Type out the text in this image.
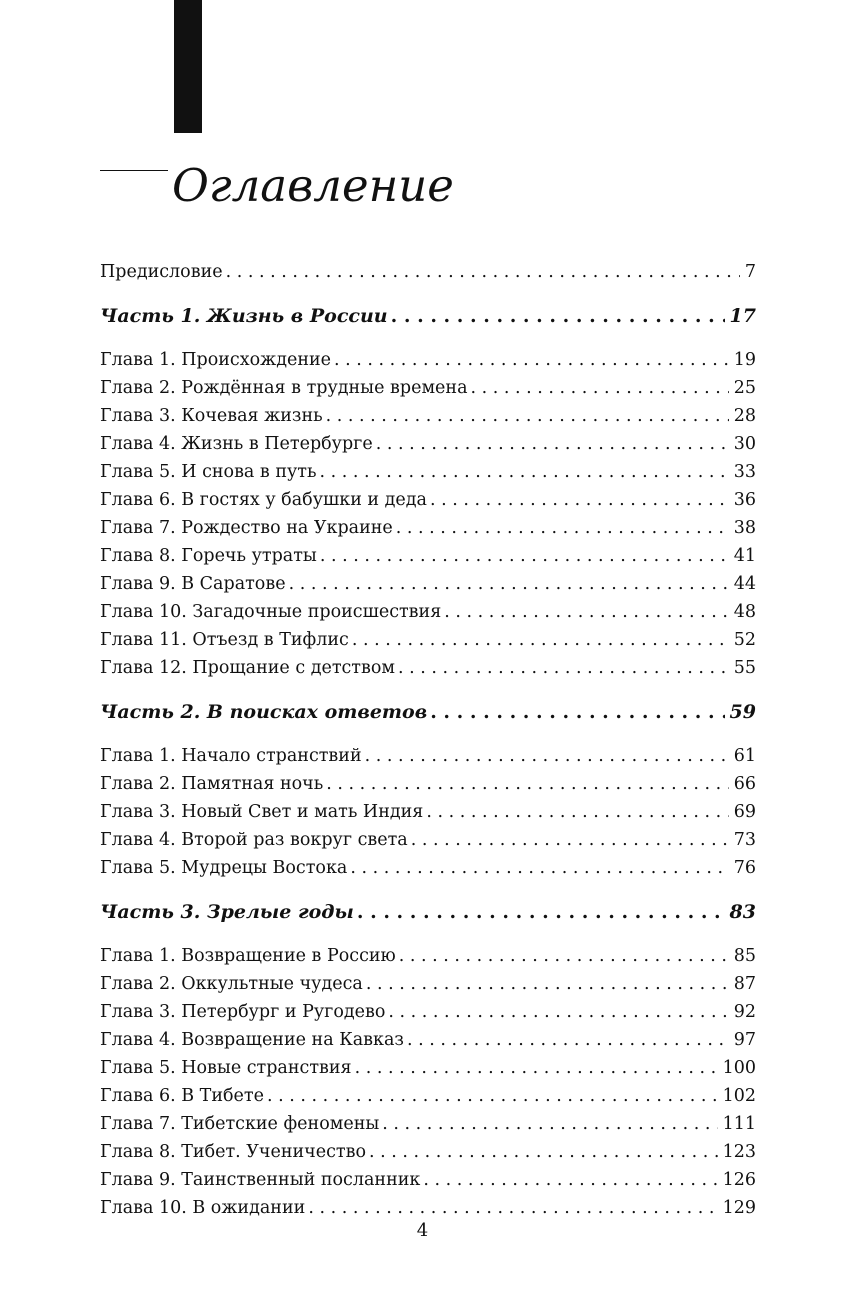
Оглавление
Предисловие . . .	7
Часть 1. Жизнь в России . . .	17
Глава 1. Происхождение . . .	19
Глава 2. Рождённая в трудные времена . . .	25
Глава 3. Кочевая жизнь . . .	28
Глава 4. Жизнь в Петербурге . . .	30
Глава 5. И снова в путь . . .	33
Глава 6. В гостях у бабушки и деда . . .	36
Глава 7. Рождество на Украине . . .	38
Глава 8. Горечь утраты . . .	41
Глава 9. В Саратове . . .	44
Глава 10. Загадочные происшествия . . .	48
Глава 11. Отъезд в Тифлис . . .	52
Глава 12. Прощание с детством . . .	55
Часть 2. В поисках ответов . . .	59
Глава 1. Начало странствий . . .	61
Глава 2. Памятная ночь . . .	66
Глава 3. Новый Свет и мать Индия . . .	69
Глава 4. Второй раз вокруг света . . .	73
Глава 5. Мудрецы Востока . . .	76
Часть 3. Зрелые годы . . .	83
Глава 1. Возвращение в Россию . . .	85
Глава 2. Оккультные чудеса . . .	87
Глава 3. Петербург и Ругодево . . .	92
Глава 4. Возвращение на Кавказ . . .	97
Глава 5. Новые странствия . . .	100
Глава 6. В Тибете . . .	102
Глава 7. Тибетские феномены . . .	111
Глава 8. Тибет. Ученичество . . .	123
Глава 9. Таинственный посланник . . .	126
Глава 10. В ожидании . . .	129
4
